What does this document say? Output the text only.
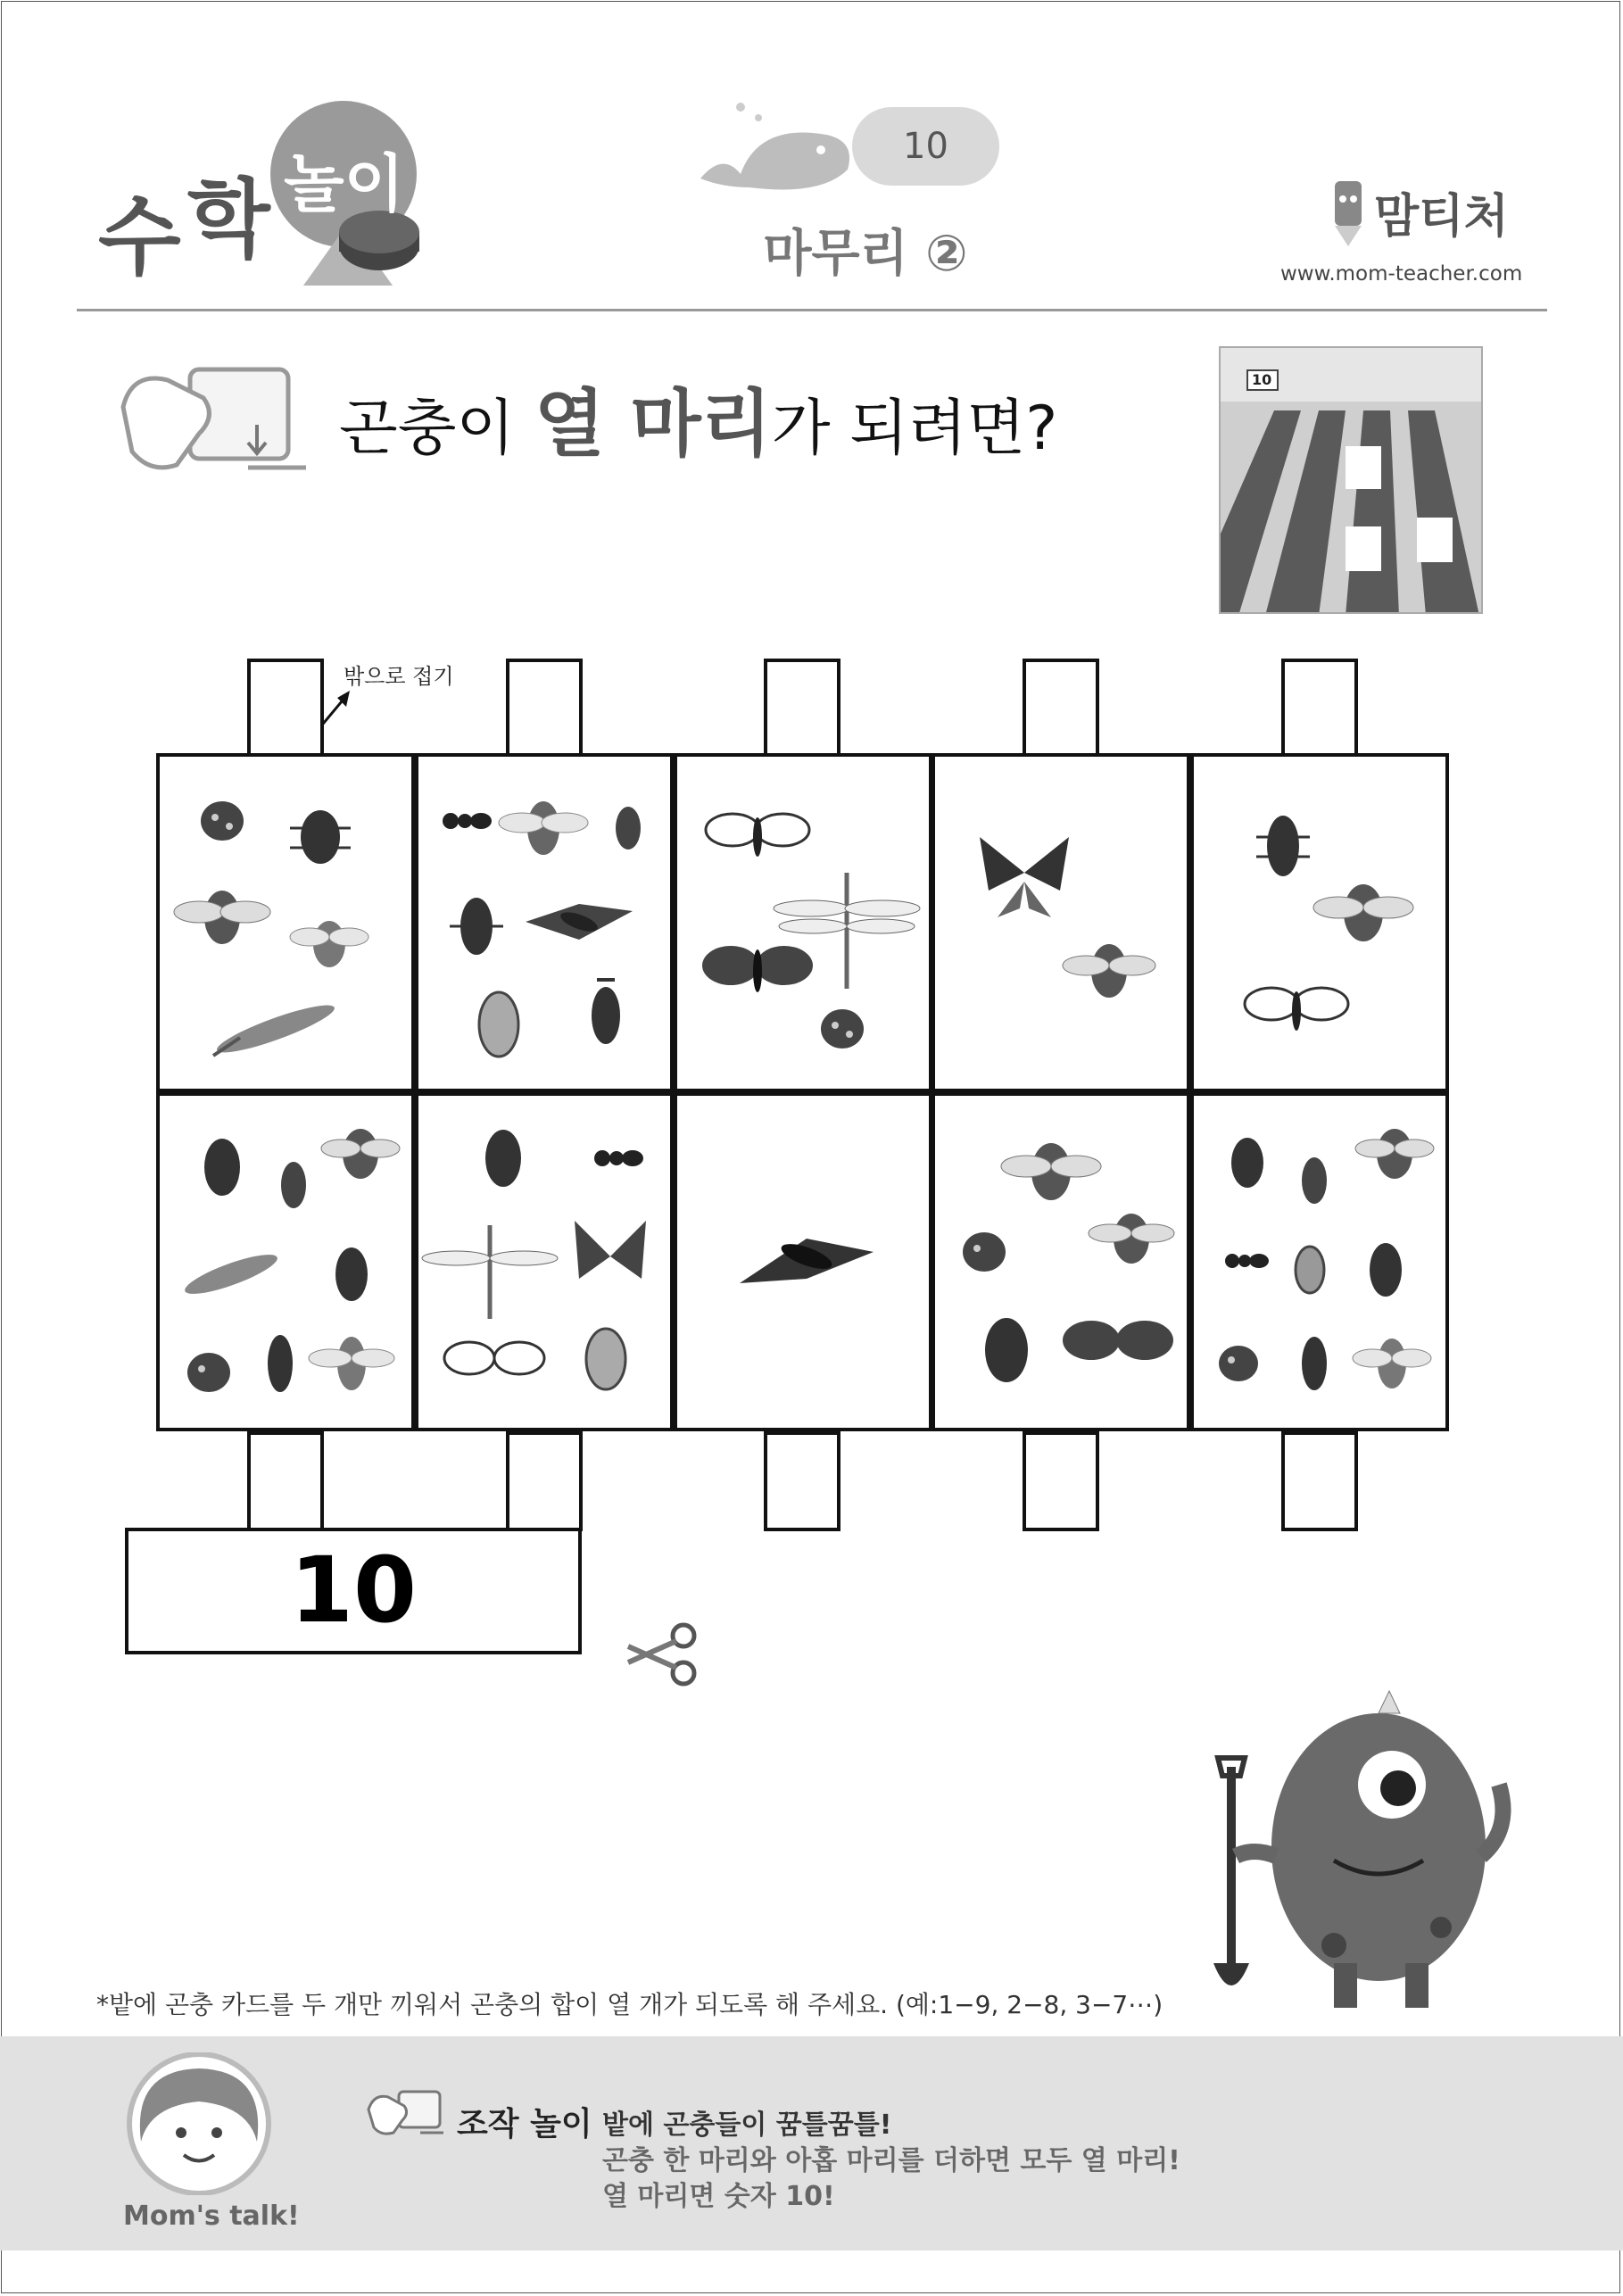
수 학 놀이
10
마무리 ②
맘티처
www.mom-teacher.com
곤충이 열 마리가 되려면?
10
밖으로 접기
10
*밭에 곤충 카드를 두 개만 끼워서 곤충의 합이 열 개가 되도록 해 주세요. (예:1−9, 2−8, 3−7⋯)
Mom's talk!
조작 놀이 밭에 곤충들이 꿈틀꿈틀!
곤충 한 마리와 아홉 마리를 더하면 모두 열 마리!
열 마리면 숫자 10!
